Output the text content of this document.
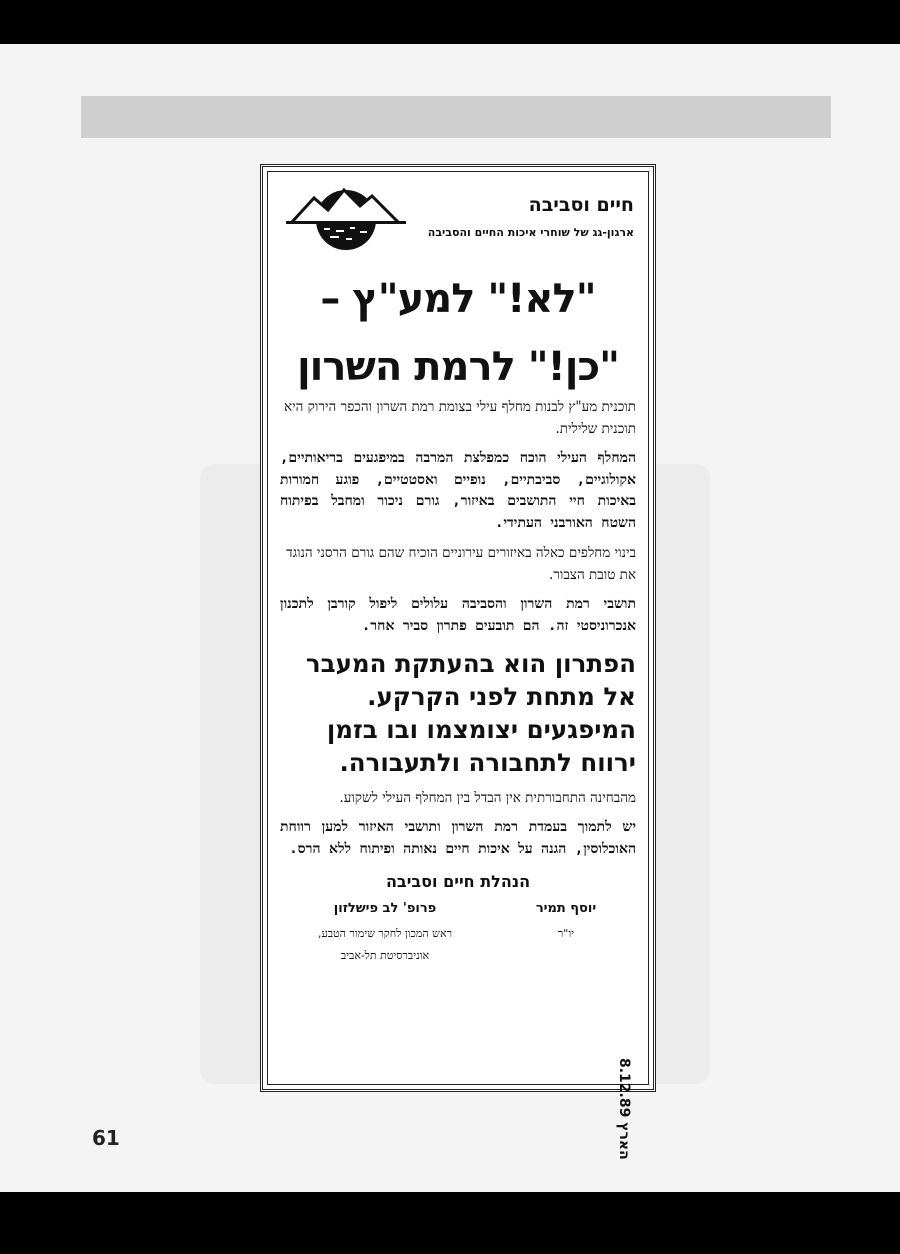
חיים וסביבה
ארגון-גג של שוחרי איכות החיים והסביבה
"לא!" למע"ץ –
"כן!" לרמת השרון

תוכנית מע"ץ לבנות מחלף עילי בצומת רמת השרון והכפר הירוק היא תוכנית שלילית.

המחלף העילי הוכח כמפלצת המרבה במיפגעים בריאותיים, אקולוגיים, סביבתיים, נופיים ואסטטיים, פוגע חמורות באיכות חיי התושבים באיזור, גורם ניכור ומחבל בפיתוח השטח האורבני העתידי.

בינוי מחלפים כאלה באיזורים עירוניים הוכיח שהם גורם הרסני הנוגד את טובת הצבור.

תושבי רמת השרון והסביבה עלולים ליפול קורבן לתכנון אנכרוניסטי זה. הם תובעים פתרון סביר אחר.

הפתרון הוא בהעתקת המעבר אל מתחת לפני הקרקע. המיפגעים יצומצמו ובו בזמן ירווח לתחבורה ולתעבורה.

מהבחינה התחבורתית אין הבדל בין המחלף העילי לשקוע.

יש לתמוך בעמדת רמת השרון ותושבי האיזור למען רווחת האוכלוסין, הגנה על איכות חיים נאותה ופיתוח ללא הרס.

הנהלת חיים וסביבה
יוסף תמיר
יו"ר
פרופ' לב פישלזון
ראש המכון לחקר שימור הטבע,
אוניברסיטת תל-אביב
הארץ 8.12.89
61
